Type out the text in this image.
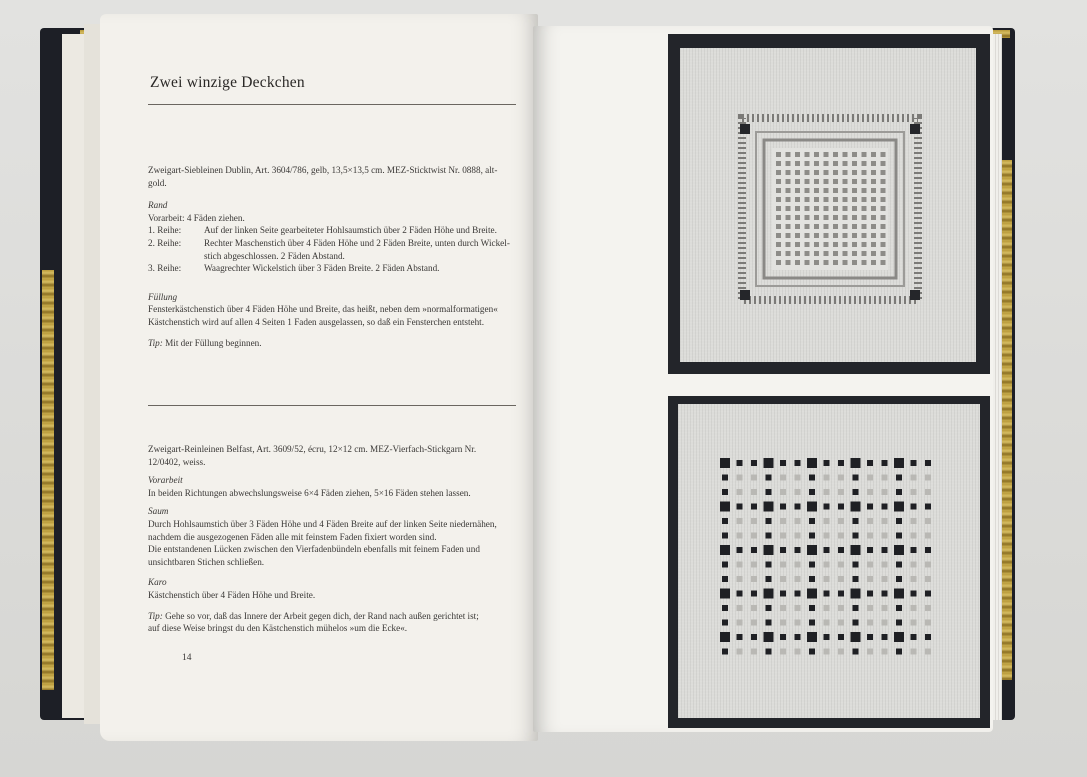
Zwei winzige Deckchen
Zweigart-Siebleinen Dublin, Art. 3604/786, gelb, 13,5×13,5 cm. MEZ-Sticktwist Nr. 0888, alt-
gold.
Rand
Vorarbeit: 4 Fäden ziehen.
1. Reihe:	Auf der linken Seite gearbeiteter Hohlsaumstich über 2 Fäden Höhe und Breite.
2. Reihe:	Rechter Maschenstich über 4 Fäden Höhe und 2 Fäden Breite, unten durch Wickel-
stich abgeschlossen. 2 Fäden Abstand.
3. Reihe:	Waagrechter Wickelstich über 3 Fäden Breite. 2 Fäden Abstand.
Füllung
Fensterkästchenstich über 4 Fäden Höhe und Breite, das heißt, neben dem »normalformatigen«
Kästchenstich wird auf allen 4 Seiten 1 Faden ausgelassen, so daß ein Fensterchen entsteht.
Tip: Mit der Füllung beginnen.
Zweigart-Reinleinen Belfast, Art. 3609/52, écru, 12×12 cm. MEZ-Vierfach-Stickgarn Nr.
12/0402, weiss.
Vorarbeit
In beiden Richtungen abwechslungsweise 6×4 Fäden ziehen, 5×16 Fäden stehen lassen.
Saum
Durch Hohlsaumstich über 3 Fäden Höhe und 4 Fäden Breite auf der linken Seite niedernähen,
nachdem die ausgezogenen Fäden alle mit feinstem Faden fixiert worden sind.
Die entstandenen Lücken zwischen den Vierfadenbündeln ebenfalls mit feinem Faden und
unsichtbaren Stichen schließen.
Karo
Kästchenstich über 4 Fäden Höhe und Breite.
Tip: Gehe so vor, daß das Innere der Arbeit gegen dich, der Rand nach außen gerichtet ist;
auf diese Weise bringst du den Kästchenstich mühelos »um die Ecke«.
14
